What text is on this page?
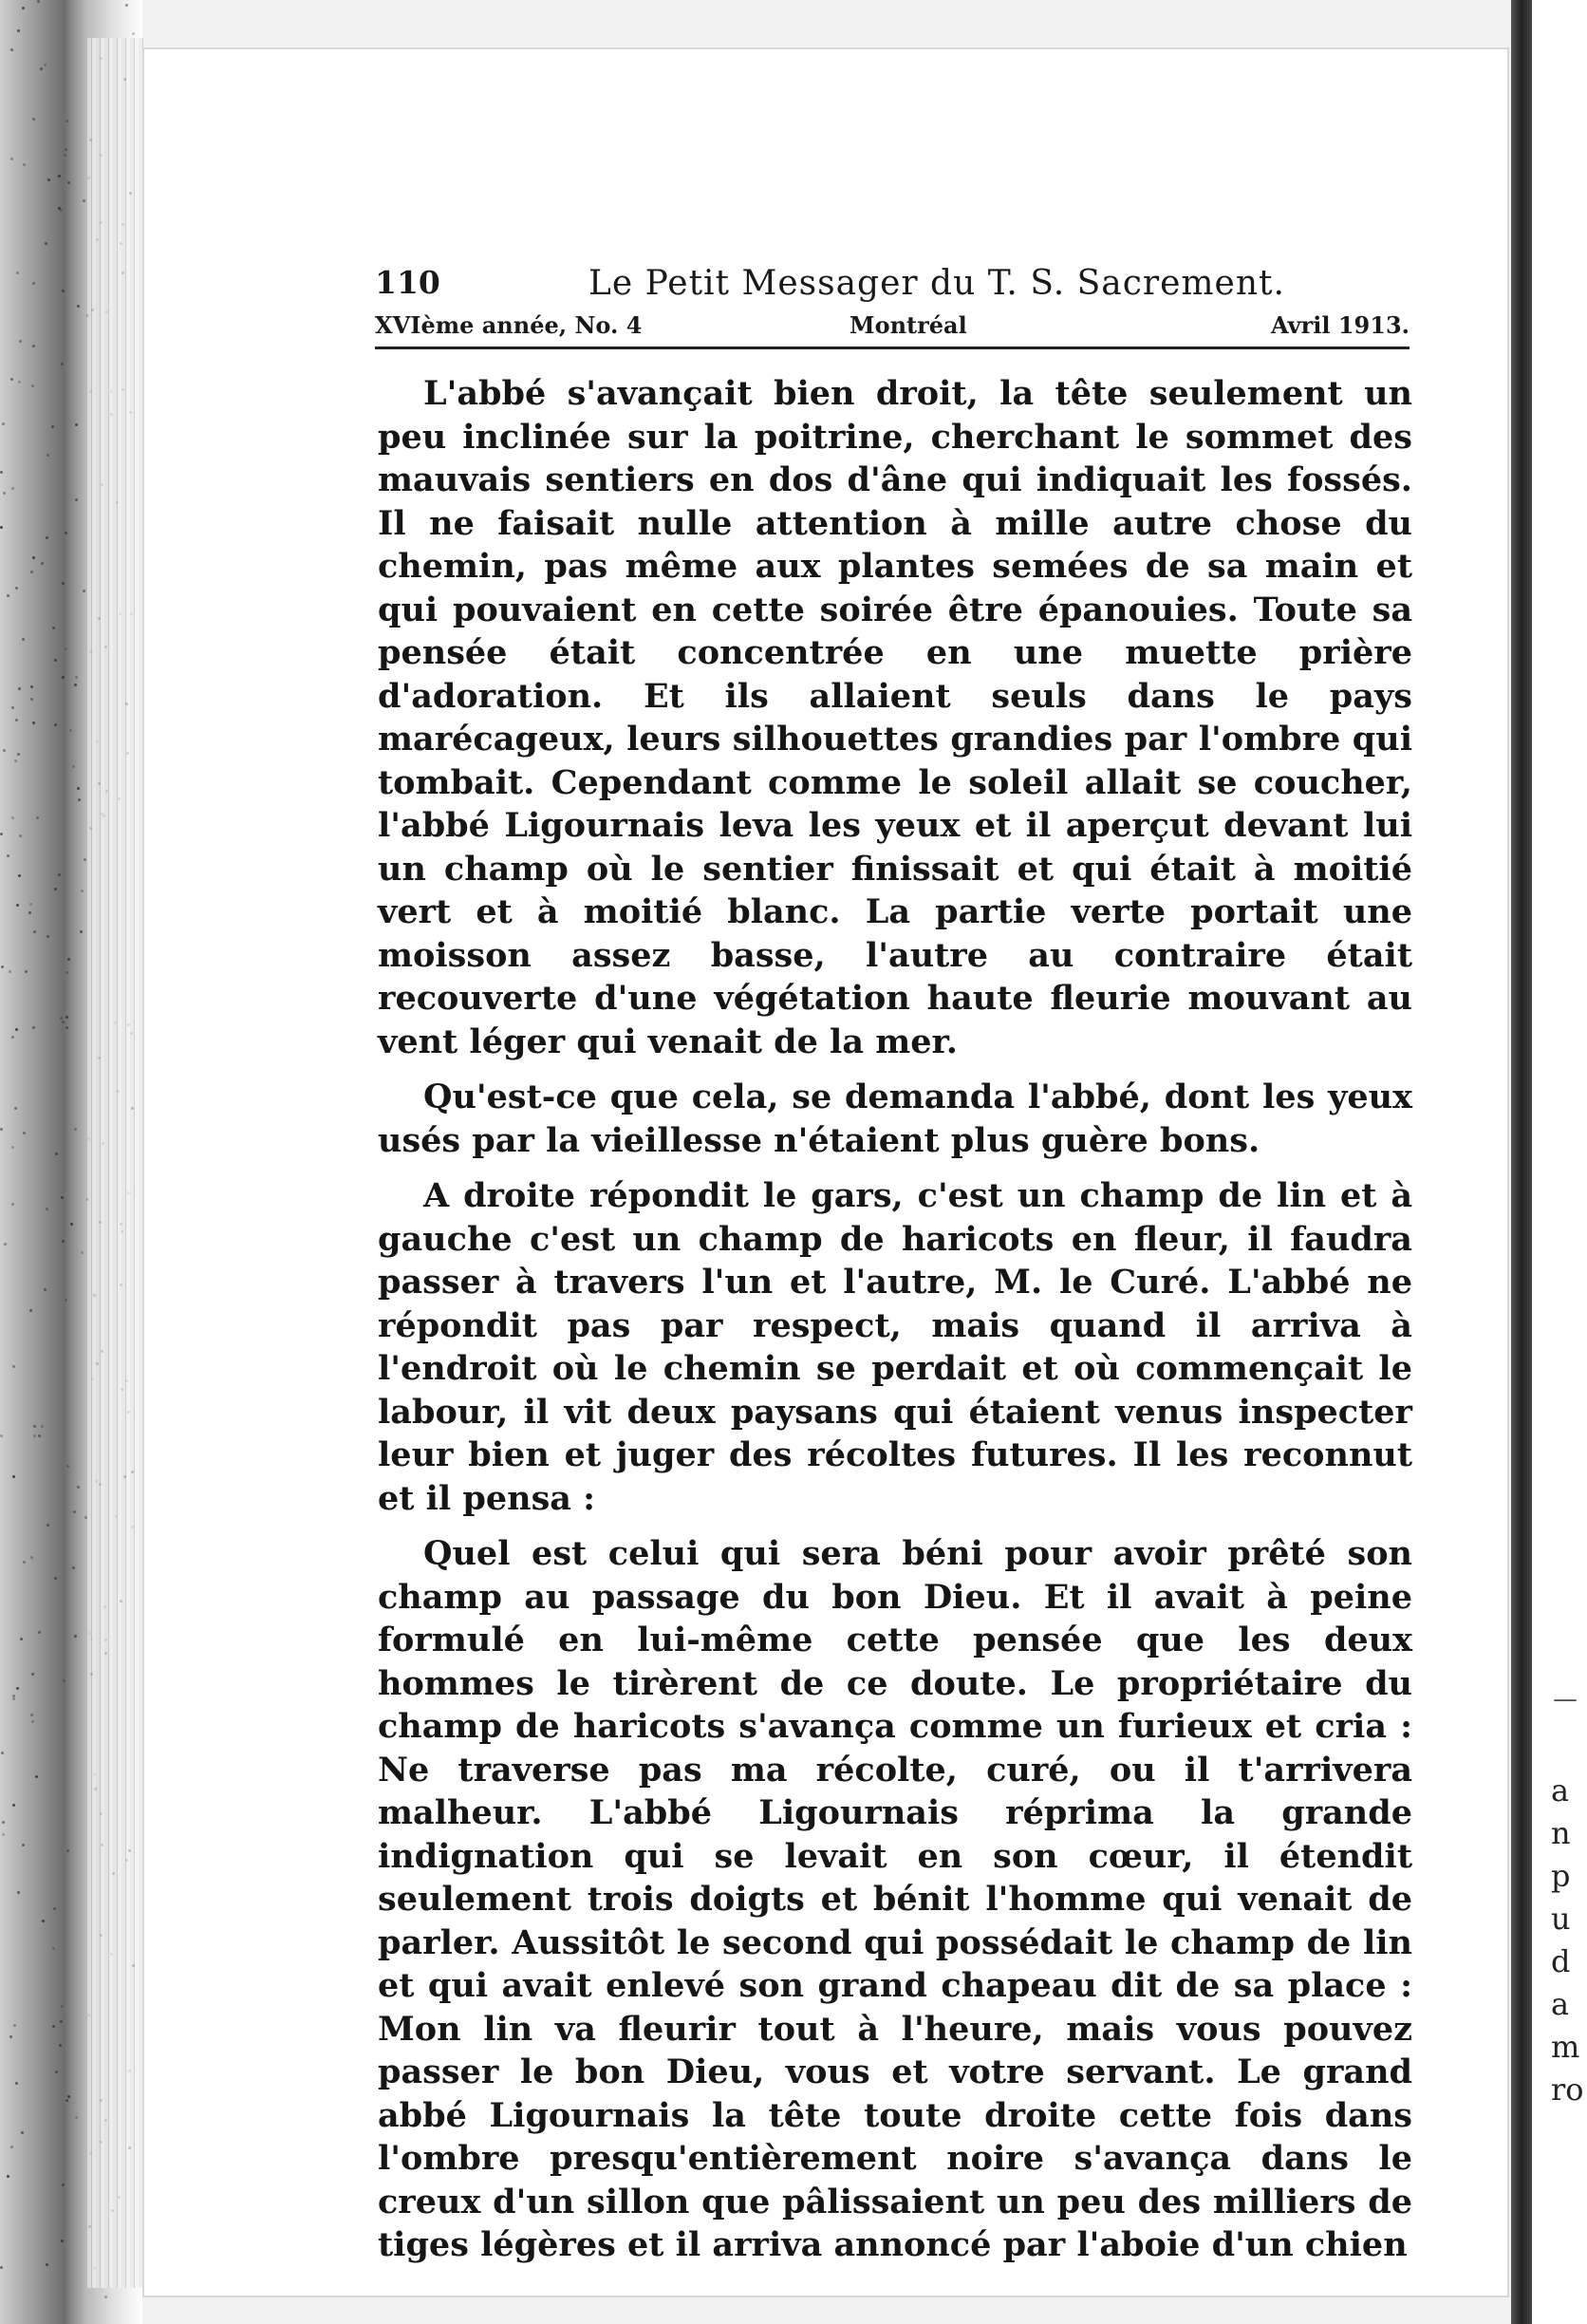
—
a
n
p
u
d
a
m
ro
110	Le Petit Messager du T. S. Sacrement.
XVIème année, No. 4	Montréal	Avril 1913.

L'abbé s'avançait bien droit, la tête seulement un peu inclinée sur la poitrine, cherchant le sommet des mauvais sentiers en dos d'âne qui indiquait les fossés. Il ne faisait nulle attention à mille autre chose du chemin, pas même aux plantes semées de sa main et qui pouvaient en cette soirée être épanouies. Toute sa pensée était concentrée en une muette prière d'adoration. Et ils allaient seuls dans le pays marécageux, leurs silhouettes grandies par l'ombre qui tombait. Cependant comme le soleil allait se coucher, l'abbé Ligournais leva les yeux et il aperçut devant lui un champ où le sentier finissait et qui était à moitié vert et à moitié blanc. La partie verte portait une moisson assez basse, l'autre au contraire était recouverte d'une végétation haute fleurie mouvant au vent léger qui venait de la mer.

Qu'est-ce que cela, se demanda l'abbé, dont les yeux usés par la vieillesse n'étaient plus guère bons.

A droite répondit le gars, c'est un champ de lin et à gauche c'est un champ de haricots en fleur, il faudra passer à travers l'un et l'autre, M. le Curé. L'abbé ne répondit pas par respect, mais quand il arriva à l'endroit où le chemin se perdait et où commençait le labour, il vit deux paysans qui étaient venus inspecter leur bien et juger des récoltes futures. Il les reconnut et il pensa :

Quel est celui qui sera béni pour avoir prêté son champ au passage du bon Dieu. Et il avait à peine formulé en lui-même cette pensée que les deux hommes le tirèrent de ce doute. Le propriétaire du champ de haricots s'avança comme un furieux et cria : Ne traverse pas ma récolte, curé, ou il t'arrivera malheur. L'abbé Ligournais réprima la grande indignation qui se levait en son cœur, il étendit seulement trois doigts et bénit l'homme qui venait de parler. Aussitôt le second qui possédait le champ de lin et qui avait enlevé son grand chapeau dit de sa place : Mon lin va fleurir tout à l'heure, mais vous pouvez passer le bon Dieu, vous et votre servant. Le grand abbé Ligournais la tête toute droite cette fois dans l'ombre presqu'entièrement noire s'avança dans le creux d'un sillon que pâlissaient un peu des milliers de tiges légères et il arriva annoncé par l'aboie d'un chien
